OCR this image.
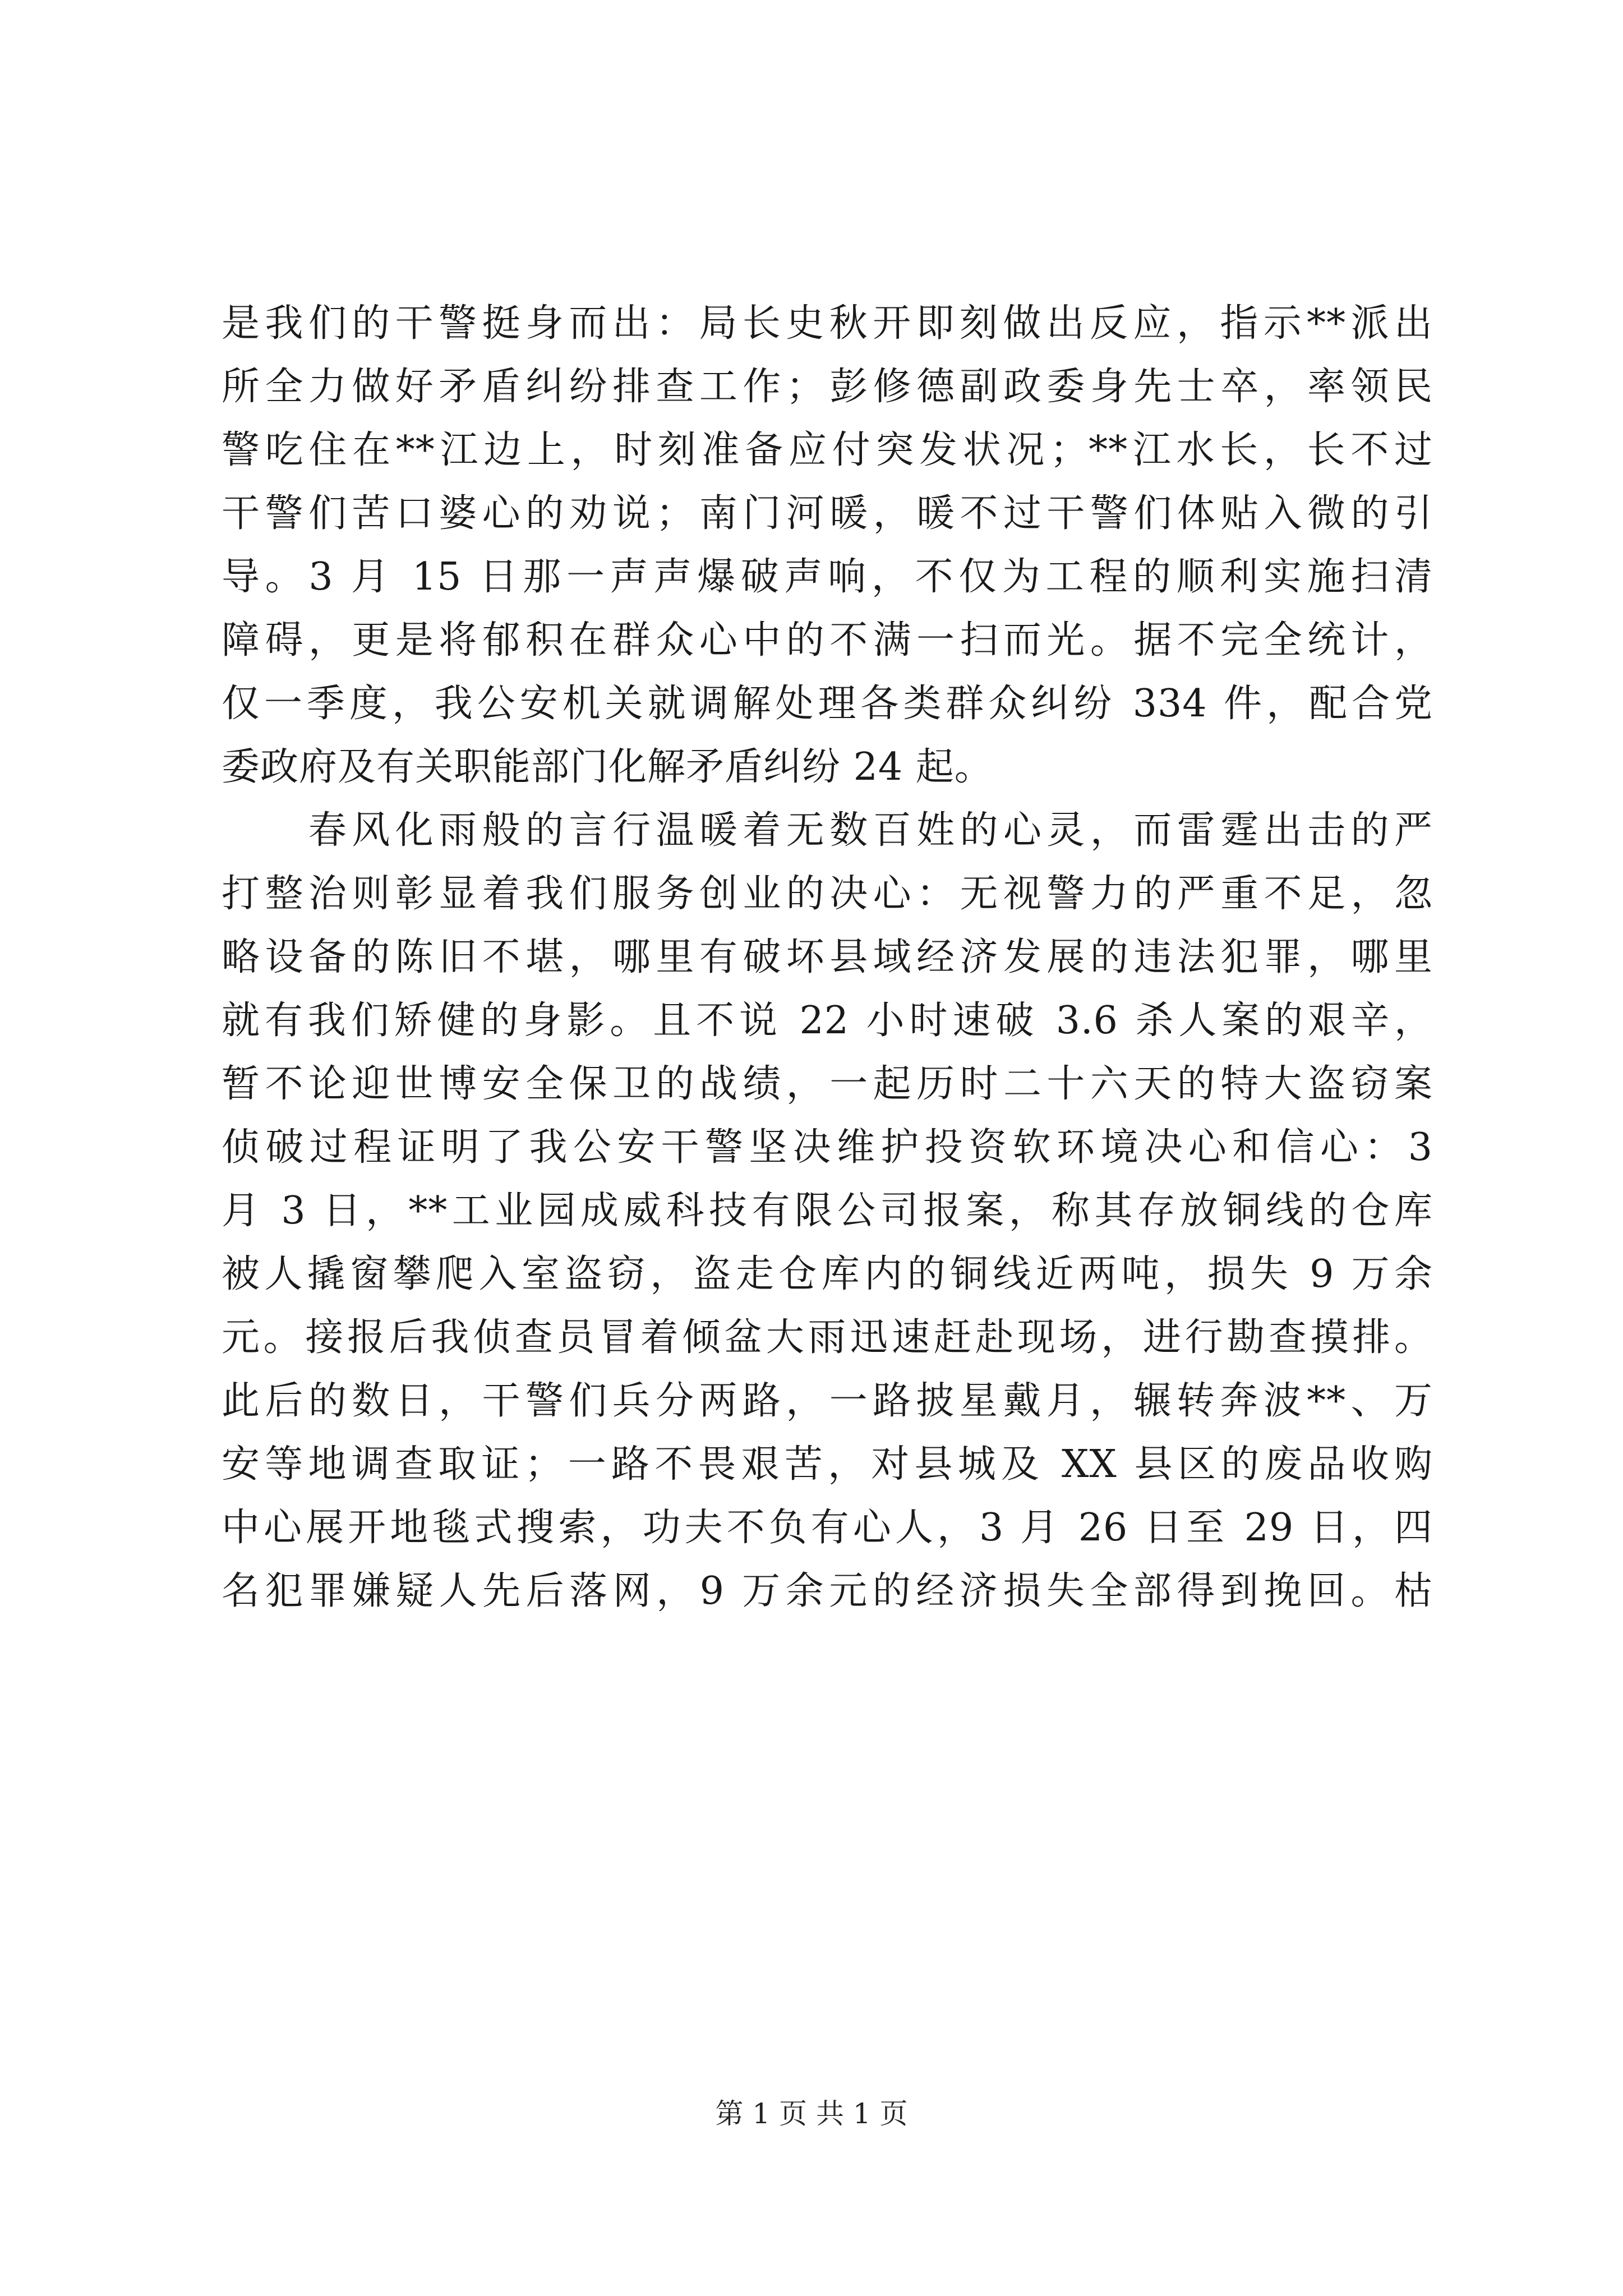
是我们的干警挺身而出：局长史秋开即刻做出反应，指示**派出
所全力做好矛盾纠纷排查工作；彭修德副政委身先士卒，率领民
警吃住在**江边上，时刻准备应付突发状况；**江水长，长不过
干警们苦口婆心的劝说；南门河暖，暖不过干警们体贴入微的引
导。3 月 15 日那一声声爆破声响，不仅为工程的顺利实施扫清
障碍，更是将郁积在群众心中的不满一扫而光。据不完全统计，
仅一季度，我公安机关就调解处理各类群众纠纷 334 件，配合党
委政府及有关职能部门化解矛盾纠纷 24 起。
　　春风化雨般的言行温暖着无数百姓的心灵，而雷霆出击的严
打整治则彰显着我们服务创业的决心：无视警力的严重不足，忽
略设备的陈旧不堪，哪里有破坏县域经济发展的违法犯罪，哪里
就有我们矫健的身影。且不说 22 小时速破 3.6 杀人案的艰辛，
暂不论迎世博安全保卫的战绩，一起历时二十六天的特大盗窃案
侦破过程证明了我公安干警坚决维护投资软环境决心和信心：3
月 3 日，**工业园成威科技有限公司报案，称其存放铜线的仓库
被人撬窗攀爬入室盗窃，盗走仓库内的铜线近两吨，损失 9 万余
元。接报后我侦查员冒着倾盆大雨迅速赶赴现场，进行勘查摸排。
此后的数日，干警们兵分两路，一路披星戴月，辗转奔波**、万
安等地调查取证；一路不畏艰苦，对县城及 XX 县区的废品收购
中心展开地毯式搜索，功夫不负有心人，3 月 26 日至 29 日，四
名犯罪嫌疑人先后落网，9 万余元的经济损失全部得到挽回。枯
第 1 页 共 1 页
